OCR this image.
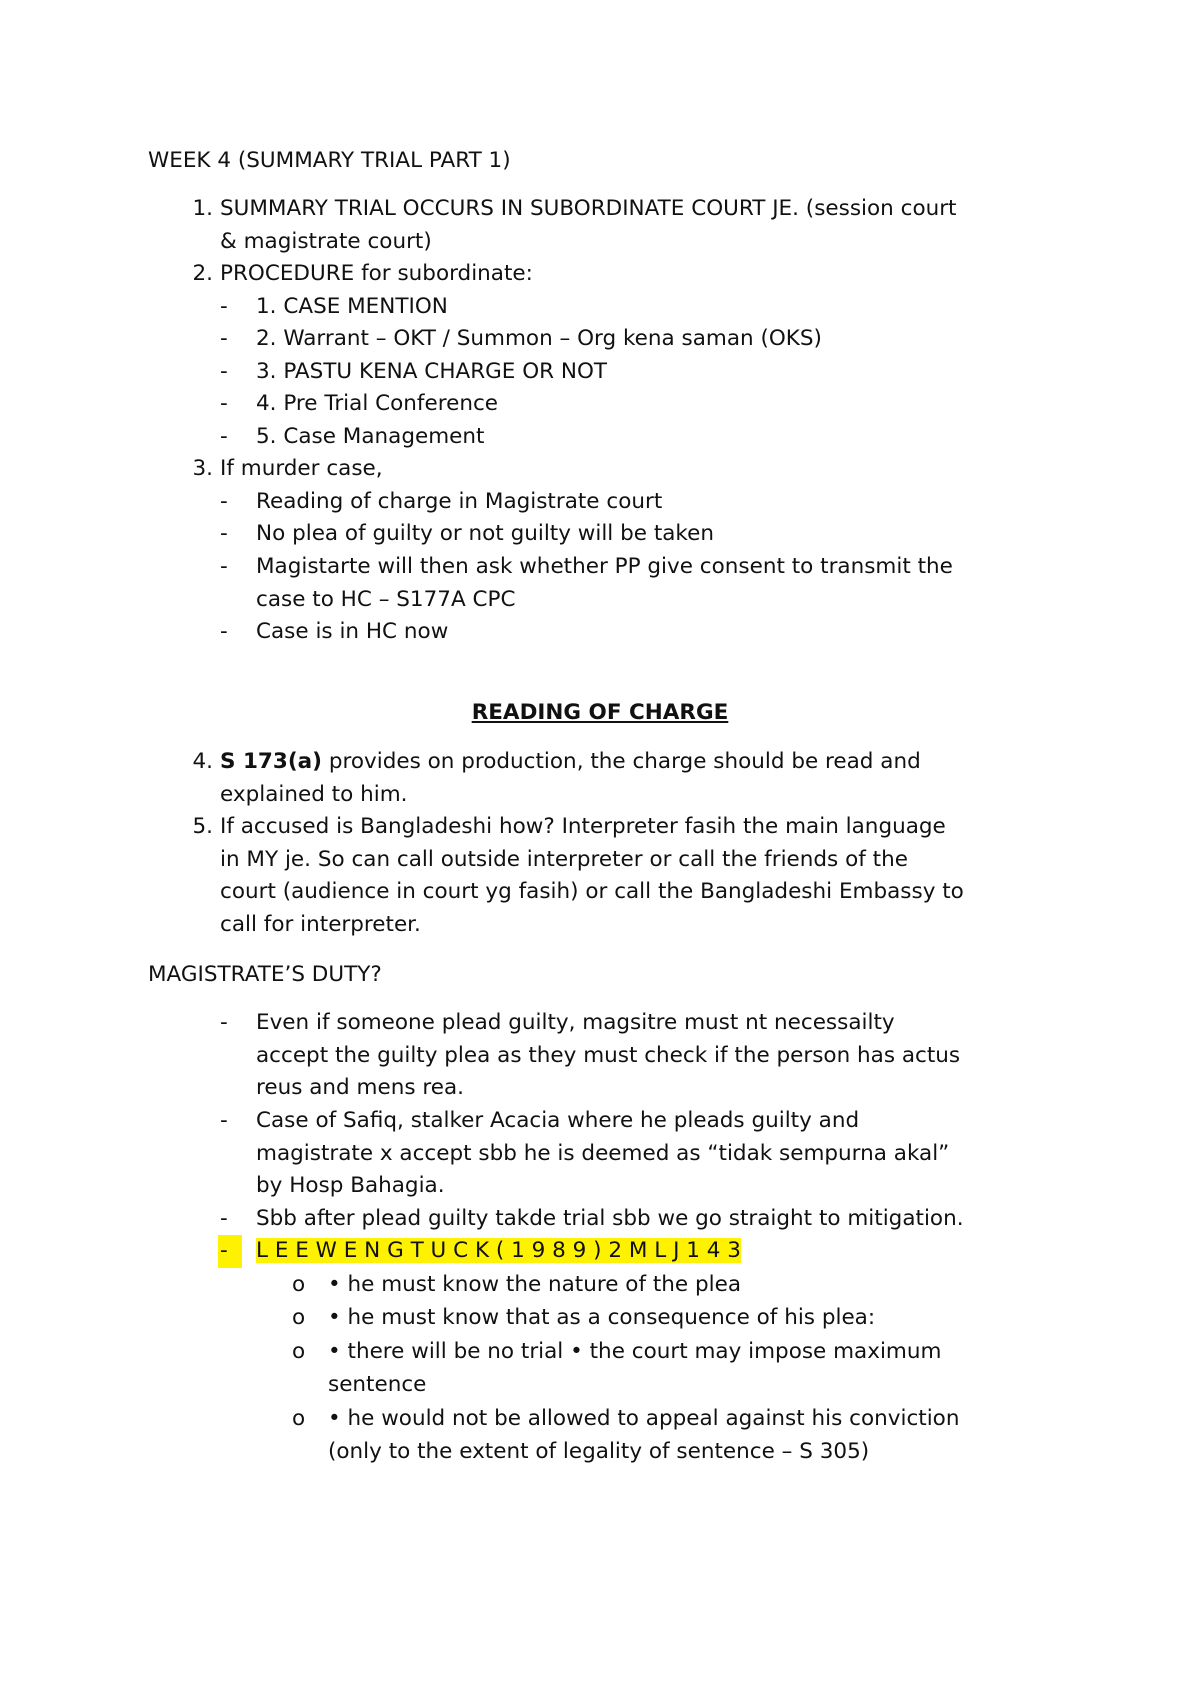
WEEK 4 (SUMMARY TRIAL PART 1)
1. SUMMARY TRIAL OCCURS IN SUBORDINATE COURT JE. (session court
& magistrate court)
2. PROCEDURE for subordinate:
- 1. CASE MENTION
- 2. Warrant – OKT / Summon – Org kena saman (OKS)
- 3. PASTU KENA CHARGE OR NOT
- 4. Pre Trial Conference
- 5. Case Management
3. If murder case,
- Reading of charge in Magistrate court
- No plea of guilty or not guilty will be taken
- Magistarte will then ask whether PP give consent to transmit the
case to HC – S177A CPC
- Case is in HC now
READING OF CHARGE
4. S 173(a) provides on production, the charge should be read and
explained to him.
5. If accused is Bangladeshi how? Interpreter fasih the main language
in MY je. So can call outside interpreter or call the friends of the
court (audience in court yg fasih) or call the Bangladeshi Embassy to
call for interpreter.
MAGISTRATE’S DUTY?
- Even if someone plead guilty, magsitre must nt necessailty
accept the guilty plea as they must check if the person has actus
reus and mens rea.
- Case of Safiq, stalker Acacia where he pleads guilty and
magistrate x accept sbb he is deemed as “tidak sempurna akal”
by Hosp Bahagia.
- Sbb after plead guilty takde trial sbb we go straight to mitigation.
-	L E E W E N G T U C K ( 1 9 8 9 ) 2 M L J 1 4 3
o • he must know the nature of the plea
o • he must know that as a consequence of his plea:
o • there will be no trial • the court may impose maximum
sentence
o • he would not be allowed to appeal against his conviction
(only to the extent of legality of sentence – S 305)
